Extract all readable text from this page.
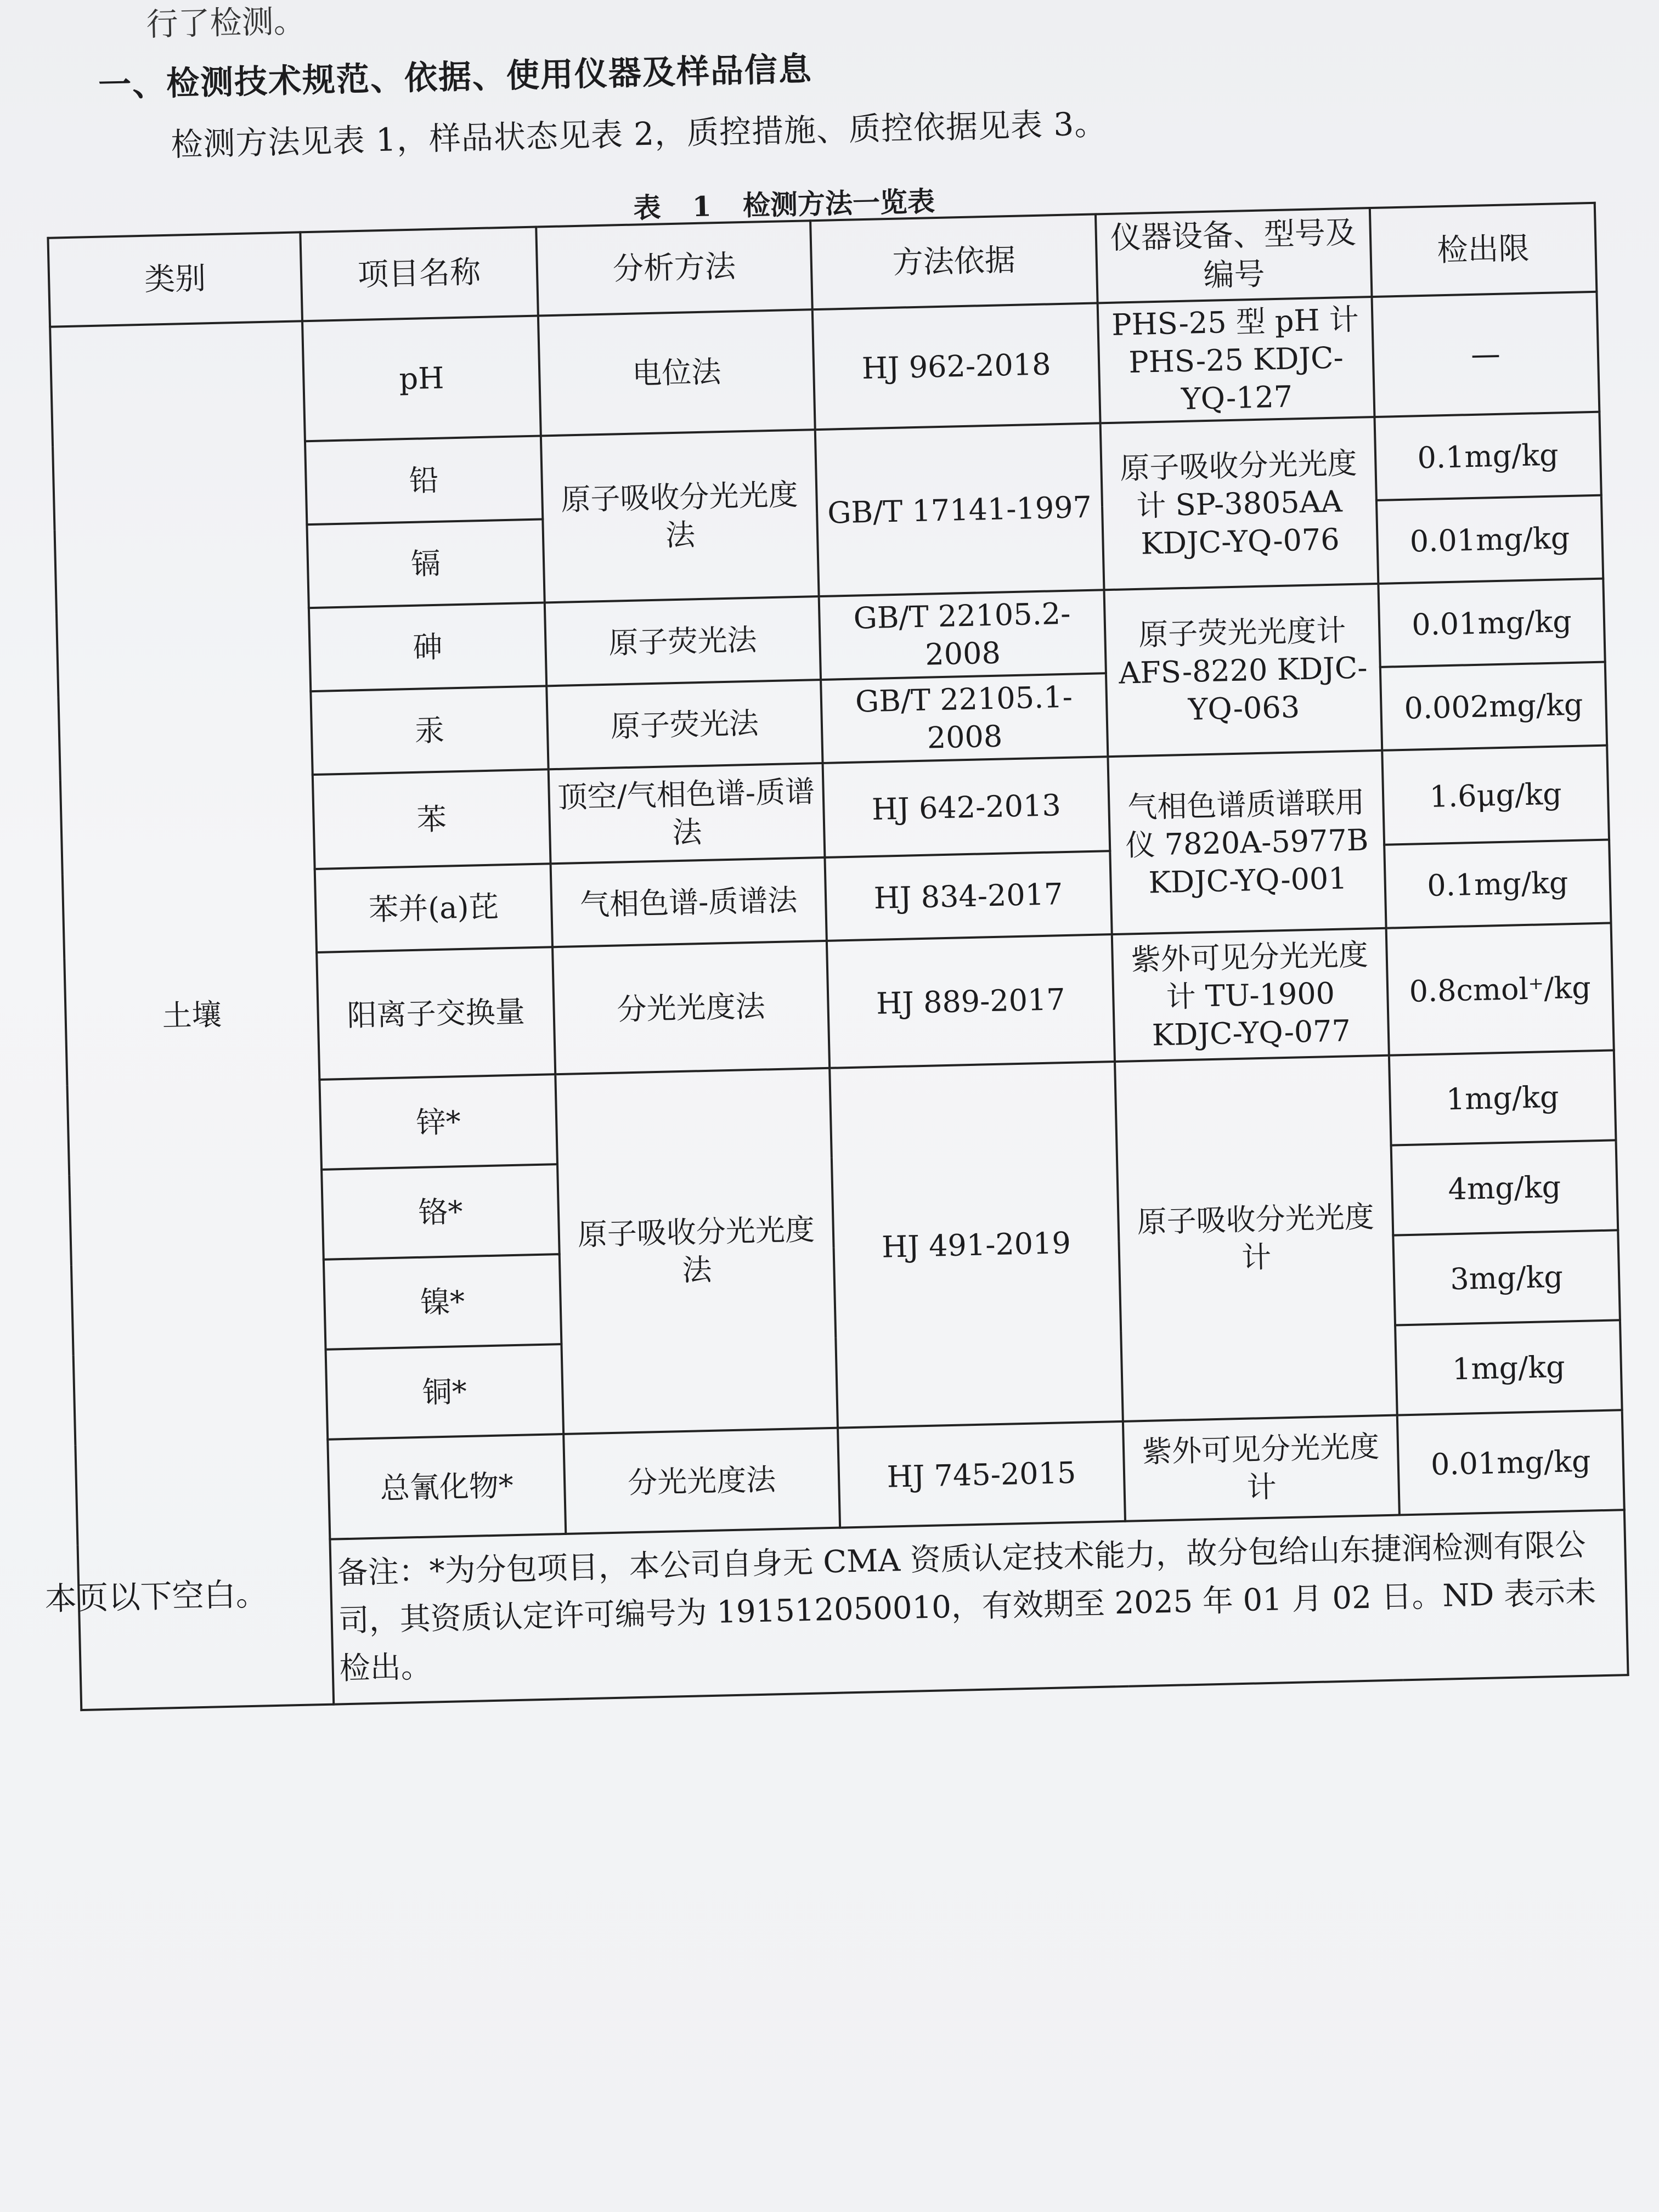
行了检测。
一、检测技术规范、依据、使用仪器及样品信息
检测方法见表 1，样品状态见表 2，质控措施、质控依据见表 3。
表 1 检测方法一览表
类别	项目名称	分析方法	方法依据	仪器设备、型号及编号	检出限
土壤	pH	电位法	HJ 962-2018	PHS-25 型 pH 计 PHS-25 KDJC-YQ-127	—
	铅	原子吸收分光光度法	GB/T 17141-1997	原子吸收分光光度计 SP-3805AA KDJC-YQ-076	0.1mg/kg
	镉				0.01mg/kg
	砷	原子荧光法	GB/T 22105.2-2008	原子荧光光度计 AFS-8220 KDJC-YQ-063	0.01mg/kg
	汞	原子荧光法	GB/T 22105.1-2008		0.002mg/kg
	苯	顶空/气相色谱-质谱法	HJ 642-2013	气相色谱质谱联用仪 7820A-5977B KDJC-YQ-001	1.6μg/kg
	苯并(a)芘	气相色谱-质谱法	HJ 834-2017		0.1mg/kg
	阳离子交换量	分光光度法	HJ 889-2017	紫外可见分光光度计 TU-1900 KDJC-YQ-077	0.8cmol⁺/kg
	锌*	原子吸收分光光度法	HJ 491-2019	原子吸收分光光度计	1mg/kg
	铬*				4mg/kg
	镍*				3mg/kg
	铜*				1mg/kg
	总氰化物*	分光光度法	HJ 745-2015	紫外可见分光光度计	0.01mg/kg
	备注：*为分包项目，本公司自身无 CMA 资质认定技术能力，故分包给山东捷润检测有限公司，其资质认定许可编号为 191512050010，有效期至 2025 年 01 月 02 日。ND 表示未检出。				
本页以下空白。
